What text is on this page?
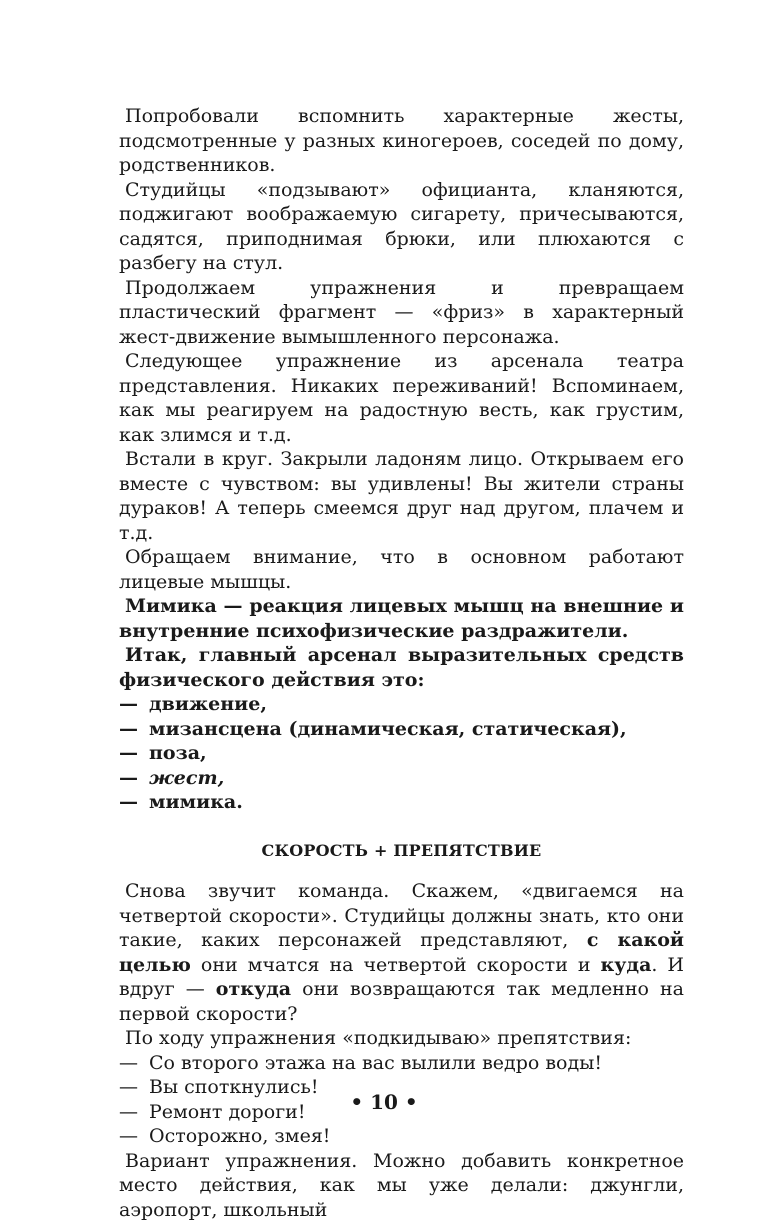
Попробовали вспомнить характерные жесты, подсмотренные у разных киногероев, соседей по дому, родственников.

Студийцы «подзывают» официанта, кланяются, поджигают воображаемую сигарету, причесываются, садятся, приподнимая брюки, или плюхаются с разбегу на стул.

Продолжаем упражнения и превращаем пластический фрагмент — «фриз» в характерный жест-движение вымышленного персонажа.

Следующее упражнение из арсенала театра представления. Никаких переживаний! Вспоминаем, как мы реагируем на радостную весть, как грустим, как злимся и т.д.

Встали в круг. Закрыли ладоням лицо. Открываем его вместе с чувством: вы удивлены! Вы жители страны дураков! А теперь смеемся друг над другом, плачем и т.д.

Обращаем внимание, что в основном работают лицевые мышцы.

Мимика — реакция лицевых мышц на внешние и внутренние психофизические раздражители.

Итак, главный арсенал выразительных средств физического действия это:

— движение,
— мизансцена (динамическая, статическая),
— поза,
— жест,
— мимика.
СКОРОСТЬ + ПРЕПЯТСТВИЕ

Снова звучит команда. Скажем, «двигаемся на четвертой скорости». Студийцы должны знать, кто они такие, каких персонажей представляют, с какой целью они мчатся на четвертой скорости и куда. И вдруг — откуда они возвращаются так медленно на первой скорости?

По ходу упражнения «подкидываю» препятствия:

— Со второго этажа на вас вылили ведро воды!
— Вы споткнулись!
— Ремонт дороги!
— Осторожно, змея!

Вариант упражнения. Можно добавить конкретное место действия, как мы уже делали: джунгли, аэропорт, школьный

• 10 •
